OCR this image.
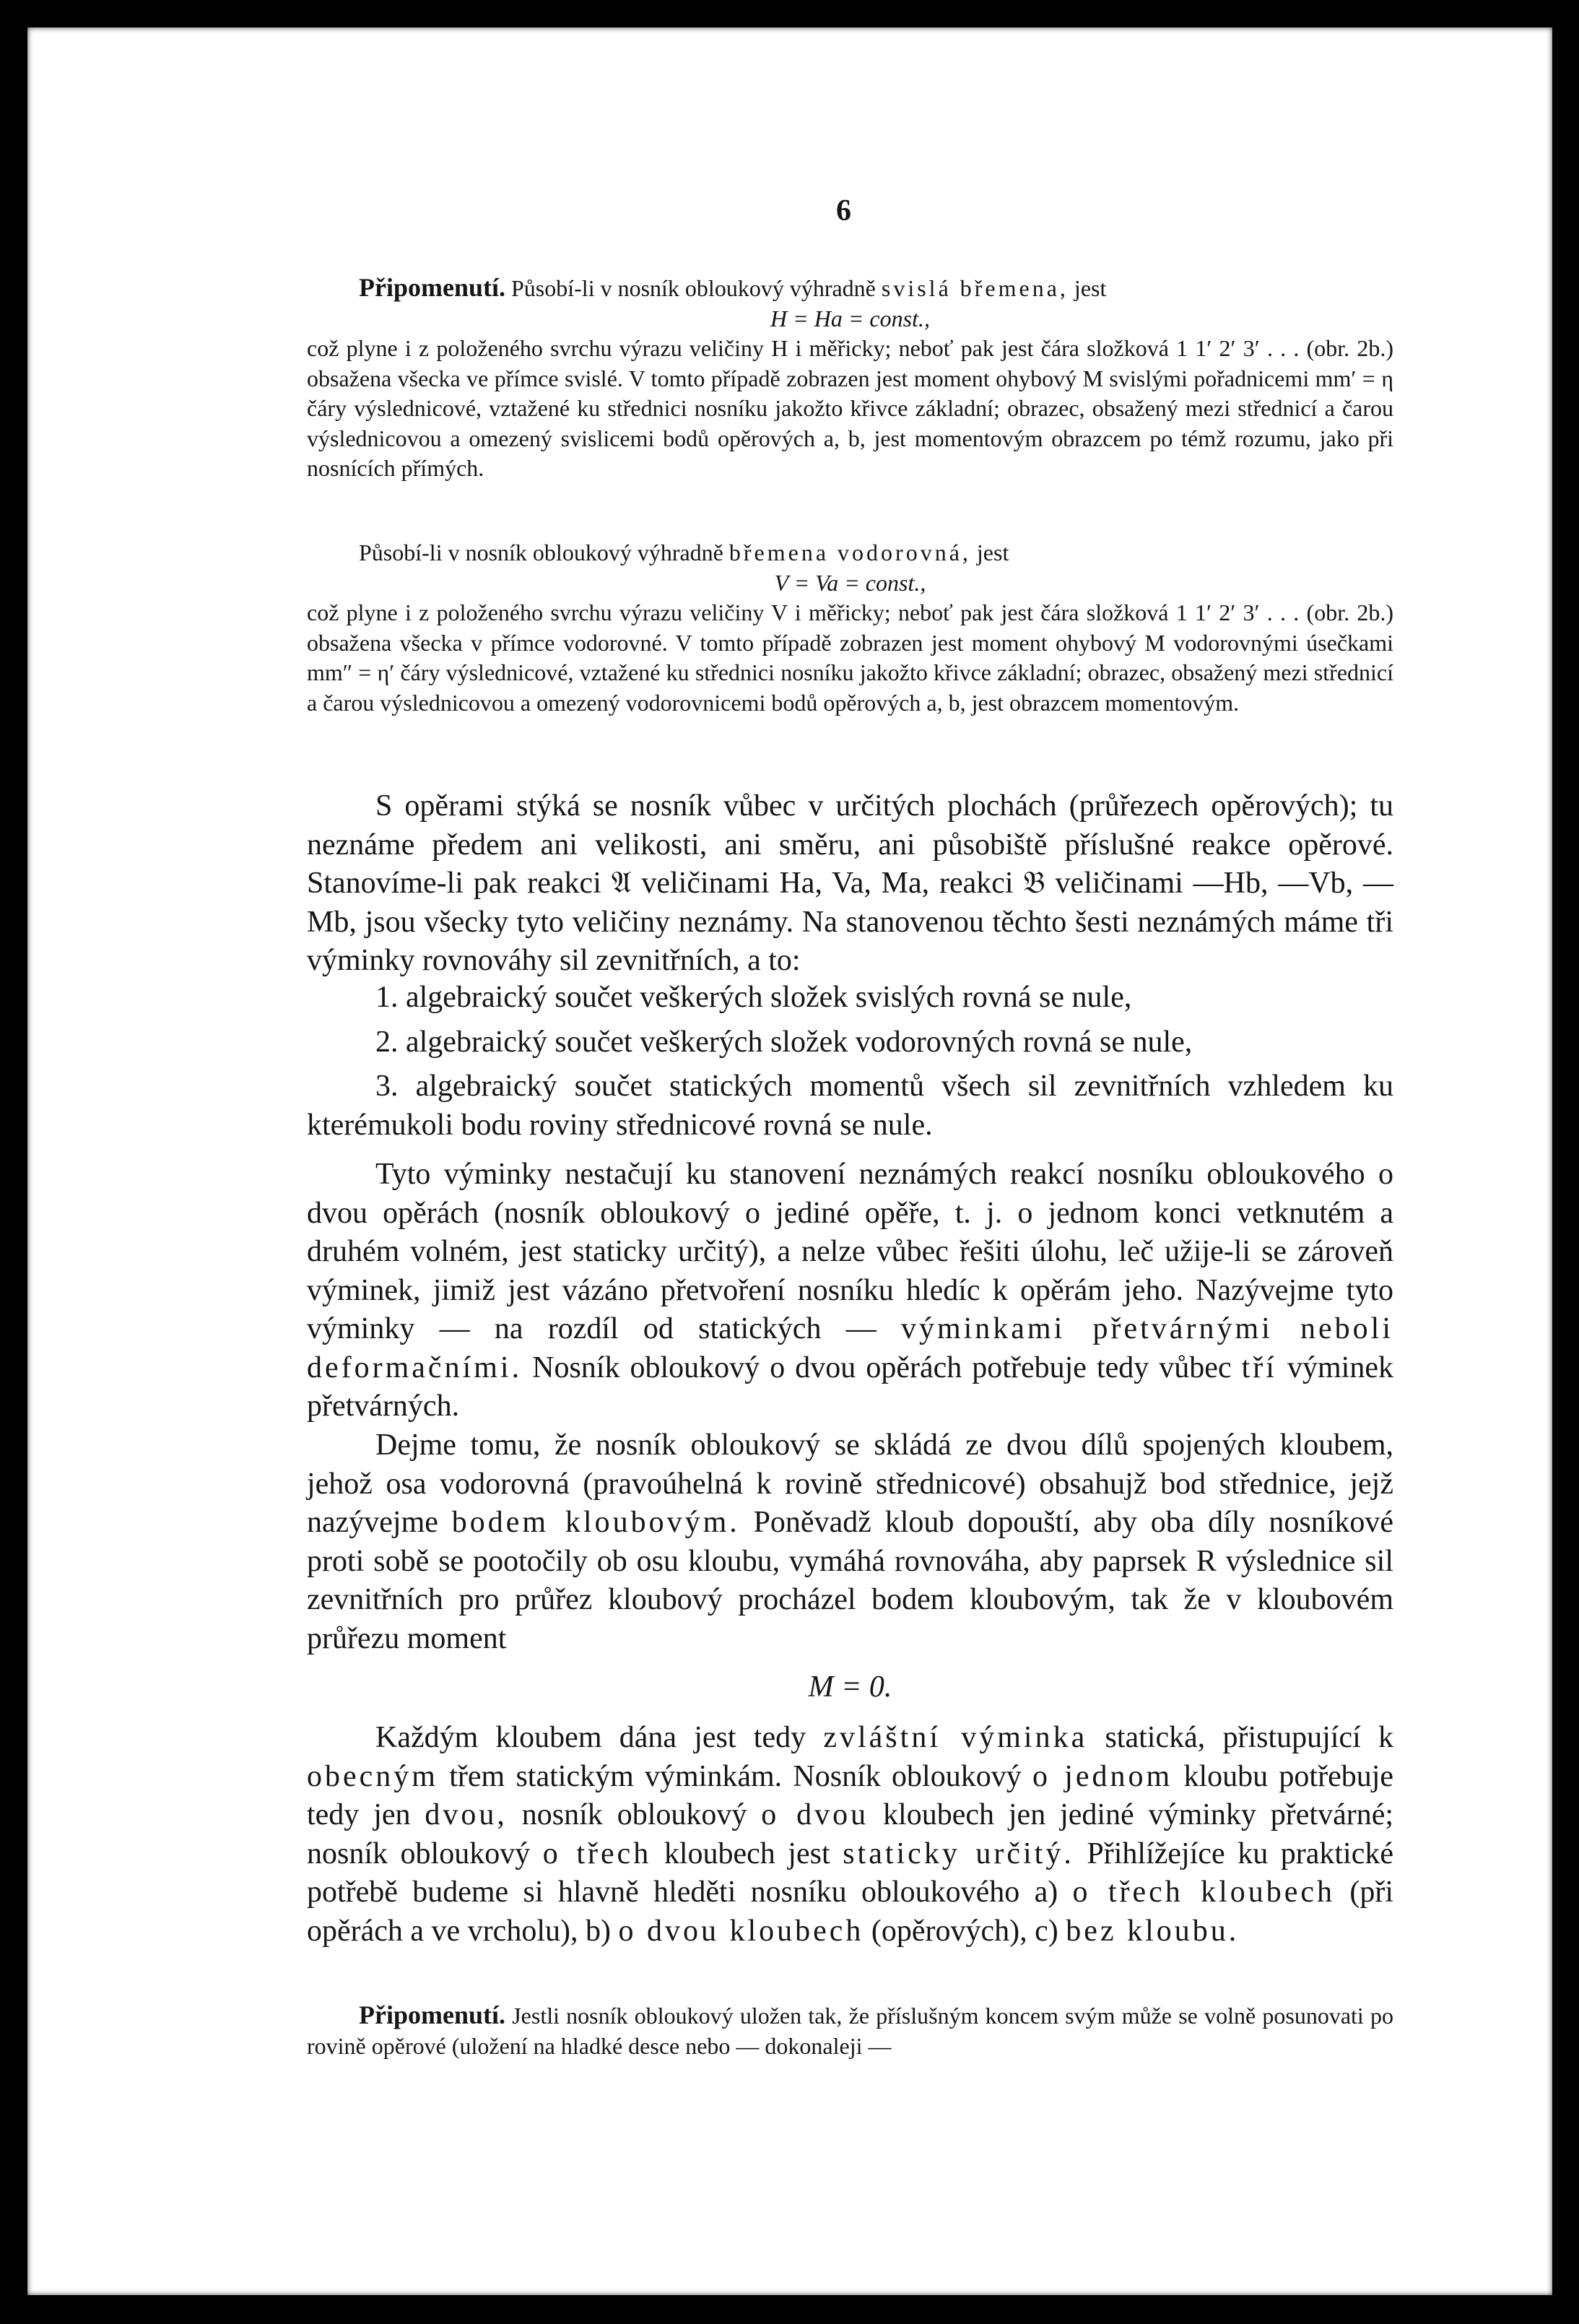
6

Připomenutí. Působí-li v nosník obloukový výhradně svislá břemena, jest

H = Ha = const.,

což plyne i z položeného svrchu výrazu veličiny H i měřicky; neboť pak jest čára složková 1 1′ 2′ 3′ . . . (obr. 2b.) obsažena všecka ve přímce svislé. V tomto případě zobrazen jest moment ohybový M svislými pořadnicemi mm′ = η čáry výslednicové, vztažené ku střednici nosníku jakožto křivce základní; obrazec, obsažený mezi střednicí a čarou výslednicovou a omezený svislicemi bodů opěrových a, b, jest momentovým obrazcem po témž rozumu, jako při nosnících přímých.

Působí-li v nosník obloukový výhradně břemena vodorovná, jest

V = Va = const.,

což plyne i z položeného svrchu výrazu veličiny V i měřicky; neboť pak jest čára složková 1 1′ 2′ 3′ . . . (obr. 2b.) obsažena všecka v přímce vodorovné. V tomto případě zobrazen jest moment ohybový M vodorovnými úsečkami mm″ = η′ čáry výslednicové, vztažené ku střednici nosníku jakožto křivce základní; obrazec, obsažený mezi střednicí a čarou výslednicovou a omezený vodorovnicemi bodů opěrových a, b, jest obrazcem momentovým.

S opěrami stýká se nosník vůbec v určitých plochách (průřezech opěrových); tu neznáme předem ani velikosti, ani směru, ani působiště příslušné reakce opěrové. Stanovíme-li pak reakci 𝔄 veličinami Ha, Va, Ma, reakci 𝔅 veličinami —Hb, —Vb, —Mb, jsou všecky tyto veličiny neznámy. Na stanovenou těchto šesti neznámých máme tři výminky rovnováhy sil zevnitřních, a to:

1. algebraický součet veškerých složek svislých rovná se nule,

2. algebraický součet veškerých složek vodorovných rovná se nule,

3. algebraický součet statických momentů všech sil zevnitřních vzhledem ku kterémukoli bodu roviny střednicové rovná se nule.

Tyto výminky nestačují ku stanovení neznámých reakcí nosníku obloukového o dvou opěrách (nosník obloukový o jediné opěře, t. j. o jednom konci vetknutém a druhém volném, jest staticky určitý), a nelze vůbec řešiti úlohu, leč užije-li se zároveň výminek, jimiž jest vázáno přetvoření nosníku hledíc k opěrám jeho. Nazývejme tyto výminky — na rozdíl od statických — výminkami přetvárnými neboli deformačními. Nosník obloukový o dvou opěrách potřebuje tedy vůbec tří výminek přetvárných.

Dejme tomu, že nosník obloukový se skládá ze dvou dílů spojených kloubem, jehož osa vodorovná (pravoúhelná k rovině střednicové) obsahujž bod střednice, jejž nazývejme bodem kloubovým. Poněvadž kloub dopouští, aby oba díly nosníkové proti sobě se pootočily ob osu kloubu, vymáhá rovnováha, aby paprsek R výslednice sil zevnitřních pro průřez kloubový procházel bodem kloubovým, tak že v kloubovém průřezu moment

M = 0.

Každým kloubem dána jest tedy zvláštní výminka statická, přistupující k obecným třem statickým výminkám. Nosník obloukový o jednom kloubu potřebuje tedy jen dvou, nosník obloukový o dvou kloubech jen jediné výminky přetvárné; nosník obloukový o třech kloubech jest staticky určitý. Přihlížejíce ku praktické potřebě budeme si hlavně hleděti nosníku obloukového a) o třech kloubech (při opěrách a ve vrcholu), b) o dvou kloubech (opěrových), c) bez kloubu.

Připomenutí. Jestli nosník obloukový uložen tak, že příslušným koncem svým může se volně posunovati po rovině opěrové (uložení na hladké desce nebo — dokonaleji —
